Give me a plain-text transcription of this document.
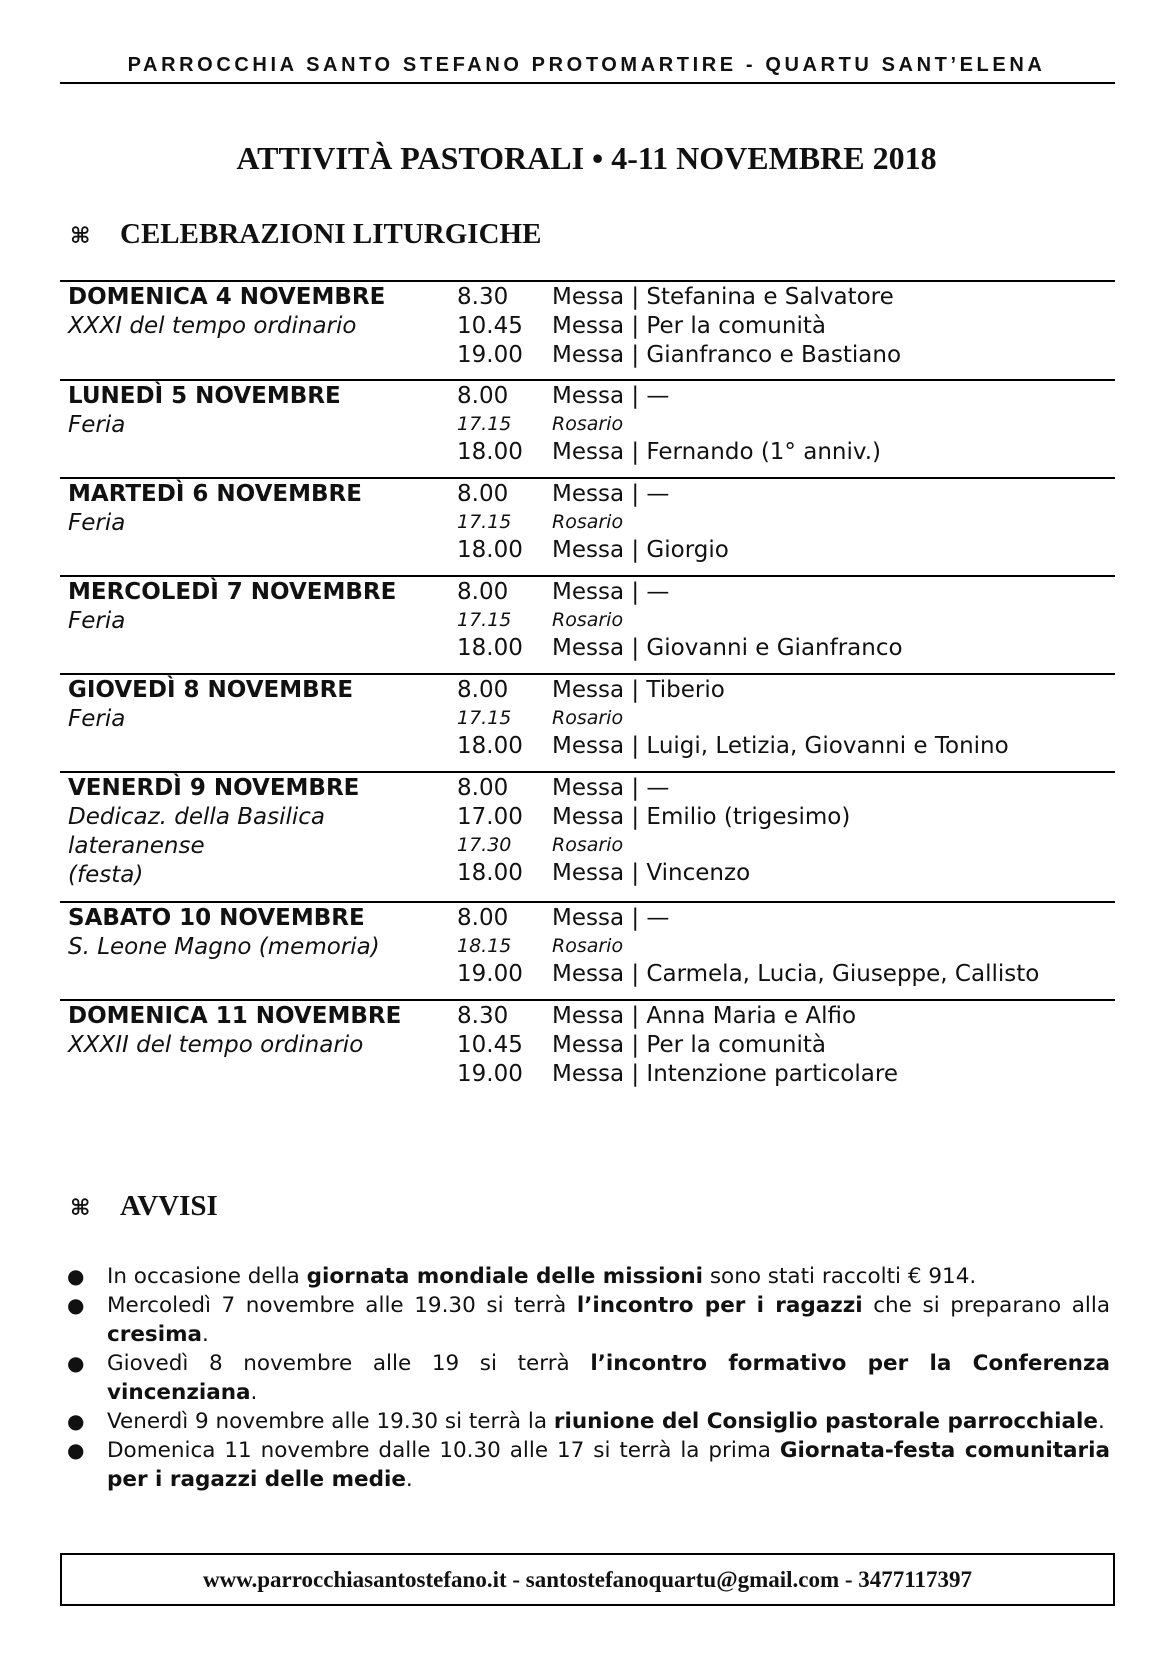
PARROCCHIA SANTO STEFANO PROTOMARTIRE - QUARTU SANT’ELENA
ATTIVITÀ PASTORALI • 4-11 NOVEMBRE 2018
⌘ CELEBRAZIONI LITURGICHE
DOMENICA 4 NOVEMBRE
XXXI del tempo ordinario
8.30	Messa | Stefanina e Salvatore
10.45	Messa | Per la comunità
19.00	Messa | Gianfranco e Bastiano
LUNEDÌ 5 NOVEMBRE
Feria
8.00	Messa | —
17.15	Rosario
18.00	Messa | Fernando (1° anniv.)
MARTEDÌ 6 NOVEMBRE
Feria
8.00	Messa | —
17.15	Rosario
18.00	Messa | Giorgio
MERCOLEDÌ 7 NOVEMBRE
Feria
8.00	Messa | —
17.15	Rosario
18.00	Messa | Giovanni e Gianfranco
GIOVEDÌ 8 NOVEMBRE
Feria
8.00	Messa | Tiberio
17.15	Rosario
18.00	Messa | Luigi, Letizia, Giovanni e Tonino
VENERDÌ 9 NOVEMBRE
Dedicaz. della Basilica lateranense
(festa)
8.00	Messa | —
17.00	Messa | Emilio (trigesimo)
17.30	Rosario
18.00	Messa | Vincenzo
SABATO 10 NOVEMBRE
S. Leone Magno (memoria)
8.00	Messa | —
18.15	Rosario
19.00	Messa | Carmela, Lucia, Giuseppe, Callisto
DOMENICA 11 NOVEMBRE
XXXII del tempo ordinario
8.30	Messa | Anna Maria e Alfio
10.45	Messa | Per la comunità
19.00	Messa | Intenzione particolare
⌘ AVVISI
● In occasione della giornata mondiale delle missioni sono stati raccolti € 914.
● Mercoledì 7 novembre alle 19.30 si terrà l’incontro per i ragazzi che si preparano alla cresima.
● Giovedì 8 novembre alle 19 si terrà l’incontro formativo per la Conferenza vincenziana.
● Venerdì 9 novembre alle 19.30 si terrà la riunione del Consiglio pastorale parrocchiale.
● Domenica 11 novembre dalle 10.30 alle 17 si terrà la prima Giornata-festa comunitaria per i ragazzi delle medie.
www.parrocchiasantostefano.it - santostefanoquartu@gmail.com - 3477117397
